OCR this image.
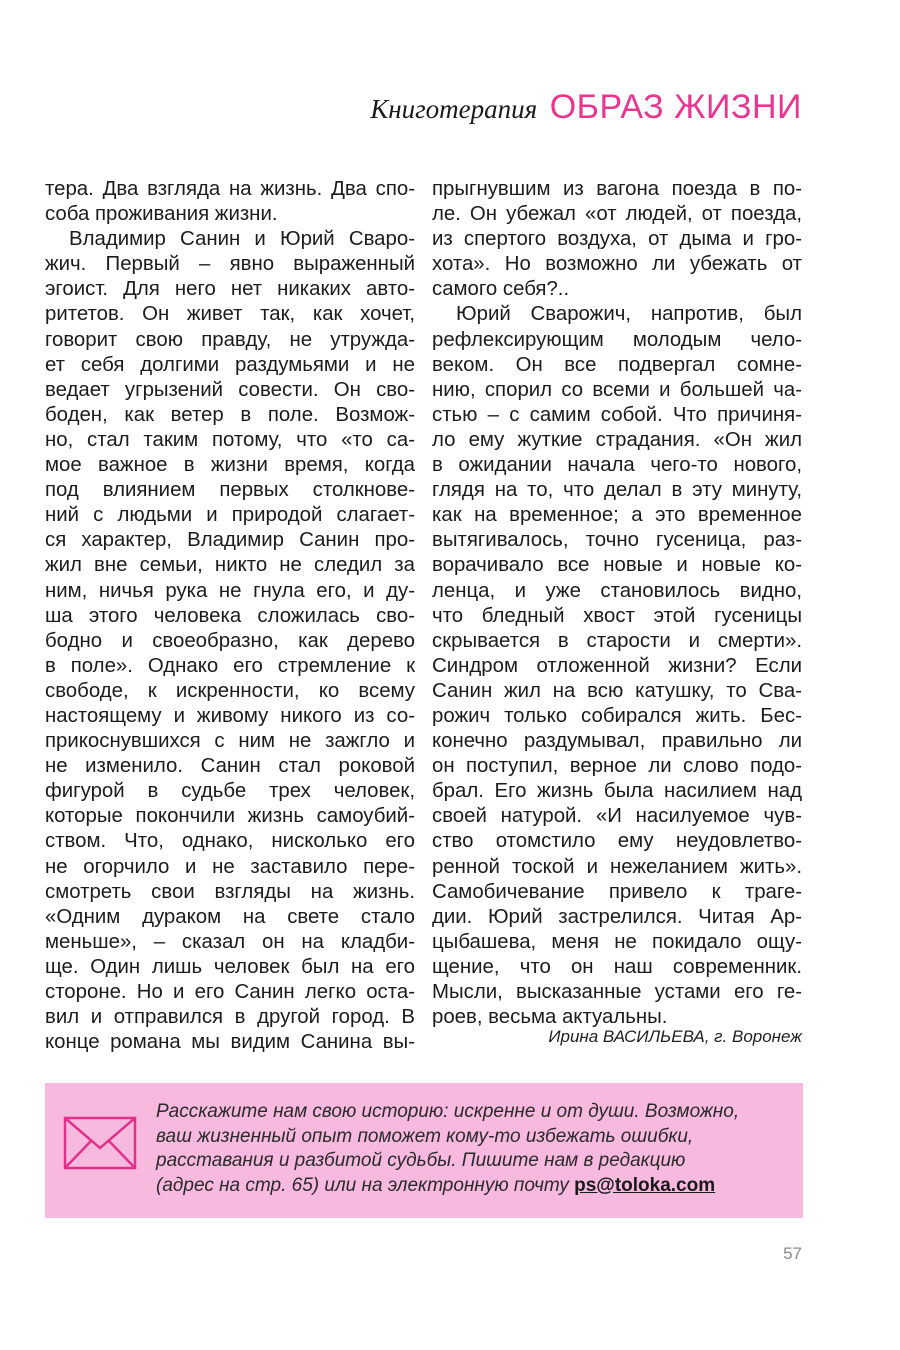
Книготерапия ОБРАЗ ЖИЗНИ
тера. Два взгляда на жизнь. Два спо-
соба проживания жизни.
Владимир Санин и Юрий Сваро-
жич. Первый – явно выраженный
эгоист. Для него нет никаких авто-
ритетов. Он живет так, как хочет,
говорит свою правду, не утружда-
ет себя долгими раздумьями и не
ведает угрызений совести. Он сво-
боден, как ветер в поле. Возмож-
но, стал таким потому, что «то са-
мое важное в жизни время, когда
под влиянием первых столкнове-
ний с людьми и природой слагает-
ся характер, Владимир Санин про-
жил вне семьи, никто не следил за
ним, ничья рука не гнула его, и ду-
ша этого человека сложилась сво-
бодно и своеобразно, как дерево
в поле». Однако его стремление к
свободе, к искренности, ко всему
настоящему и живому никого из со-
прикоснувшихся с ним не зажгло и
не изменило. Санин стал роковой
фигурой в судьбе трех человек,
которые покончили жизнь самоубий-
ством. Что, однако, нисколько его
не огорчило и не заставило пере-
смотреть свои взгляды на жизнь.
«Одним дураком на свете стало
меньше», – сказал он на кладби-
ще. Один лишь человек был на его
стороне. Но и его Санин легко оста-
вил и отправился в другой город. В
конце романа мы видим Санина вы-
прыгнувшим из вагона поезда в по-
ле. Он убежал «от людей, от поезда,
из спертого воздуха, от дыма и гро-
хота». Но возможно ли убежать от
самого себя?..
Юрий Сварожич, напротив, был
рефлексирующим молодым чело-
веком. Он все подвергал сомне-
нию, спорил со всеми и большей ча-
стью – с самим собой. Что причиня-
ло ему жуткие страдания. «Он жил
в ожидании начала чего-то нового,
глядя на то, что делал в эту минуту,
как на временное; а это временное
вытягивалось, точно гусеница, раз-
ворачивало все новые и новые ко-
ленца, и уже становилось видно,
что бледный хвост этой гусеницы
скрывается в старости и смерти».
Синдром отложенной жизни? Если
Санин жил на всю катушку, то Сва-
рожич только собирался жить. Бес-
конечно раздумывал, правильно ли
он поступил, верное ли слово подо-
брал. Его жизнь была насилием над
своей натурой. «И насилуемое чув-
ство отомстило ему неудовлетво-
ренной тоской и нежеланием жить».
Самобичевание привело к траге-
дии. Юрий застрелился. Читая Ар-
цыбашева, меня не покидало ощу-
щение, что он наш современник.
Мысли, высказанные устами его ге-
роев, весьма актуальны.
Ирина ВАСИЛЬЕВА, г. Воронеж
Расскажите нам свою историю: искренне и от души. Возможно,
ваш жизненный опыт поможет кому-то избежать ошибки,
расставания и разбитой судьбы. Пишите нам в редакцию
(адрес на стр. 65) или на электронную почту ps@toloka.com
57
